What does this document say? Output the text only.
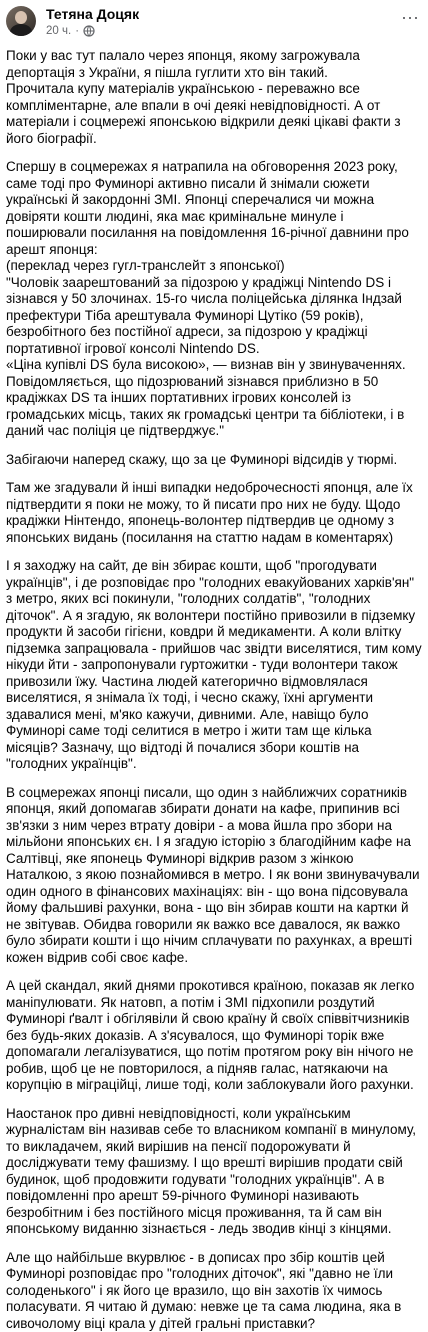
Тетяна Доцяк
20 ч. ·
⋯

Поки у вас тут палало через японця, якому загрожувала депортація з України, я пішла гуглити хто він такий.
Прочитала купу матеріалів українською - переважно все компліментарне, але впали в очі деякі невідповідності. А от матеріали і соцмережі японською відкрили деякі цікаві факти з його біографії.

Спершу в соцмережах я натрапила на обговорення 2023 року, саме тоді про Фуминорі активно писали й знімали сюжети українські й закордонні ЗМІ. Японці сперечалися чи можна довіряти кошти людині, яка має кримінальне минуле і поширювали посилання на повідомлення 16-річної давнини про арешт японця:
(переклад через гугл-транслейт з японської)
"Чоловік заарештований за підозрою у крадіжці Nintendo DS і зізнався у 50 злочинах. 15-го числа поліцейська ділянка Індзай префектури Тіба арештувала Фуминорі Цутіко (59 років), безробітного без постійної адреси, за підозрою у крадіжці портативної ігрової консолі Nintendo DS.
«Ціна купівлі DS була високою», — визнав він у звинуваченнях. Повідомляється, що підозрюваний зізнався приблизно в 50 крадіжках DS та інших портативних ігрових консолей із громадських місць, таких як громадські центри та бібліотеки, і в даний час поліція це підтверджує."

Забігаючи наперед скажу, що за це Фуминорі відсидів у тюрмі.

Там же згадували й інші випадки недоброчесності японця, але їх підтвердити я поки не можу, то й писати про них не буду. Щодо крадіжки Нінтендо, японець-волонтер підтвердив це одному з японських видань (посилання на статтю надам в коментарях)

І я заходжу на сайт, де він збирає кошти, щоб "прогодувати українців", і де розповідає про "голодних евакуйованих харків'ян" з метро, яких всі покинули, "голодних солдатів", "голодних діточок". А я згадую, як волонтери постійно привозили в підземку продукти й засоби гігієни, ковдри й медикаменти. А коли влітку підземка запрацювала - прийшов час звідти виселятися, тим кому нікуди йти - запропонували гуртожитки - туди волонтери також привозили їжу. Частина людей категорично відмовлялася виселятися, я знімала їх тоді, і чесно скажу, їхні аргументи здавалися мені, м'яко кажучи, дивними. Але, навіщо було Фуминорі саме тоді селитися в метро і жити там ще кілька місяців? Зазначу, що відтоді й почалися збори коштів на "голодних українців".

В соцмережах японці писали, що один з найближчих соратників японця, який допомагав збирати донати на кафе, припинив всі зв'язки з ним через втрату довіри - а мова йшла про збори на мільйони японських єн. І я згадую історію з благодійним кафе на Салтівці, яке японець Фуминорі відкрив разом з жінкою Наталкою, з якою познайомився в метро. І як вони звинувачували один одного в фінансових махінаціях: він - що вона підсовувала йому фальшиві рахунки, вона - що він збирав кошти на картки й не звітував. Обидва говорили як важко все давалося, як важко було збирати кошти і що нічим сплачувати по рахунках, а врешті кожен відрив собі своє кафе.

А цей скандал, який днями прокотився країною, показав як легко маніпулювати. Як натовп, а потім і ЗМІ підхопили роздутий Фуминорі ґвалт і обгілявіли й свою країну й своїх співвітчизників без будь-яких доказів. А з'ясувалося, що Фуминорі торік вже допомагали легалізуватися, що потім протягом року він нічого не робив, щоб це не повторилося, а підняв галас, натякаючи на корупцію в міграційці, лише тоді, коли заблокували його рахунки.

Наостанок про дивні невідповідності, коли українським журналістам він називав себе то власником компанії в минулому, то викладачем, який вирішив на пенсії подорожувати й досліджувати тему фашизму. І що врешті вирішив продати свій будинок, щоб продовжити годувати "голодних українців". А в повідомленні про арешт 59-річного Фуминорі називають безробітним і без постійного місця проживання, та й сам він японському виданню зізнається - ледь зводив кінці з кінцями.

Але що найбільше вкурвлює - в дописах про збір коштів цей Фуминорі розповідає про "голодних діточок", які "давно не їли солоденького" і як його це вразило, що він захотів їх чимось поласувати. Я читаю й думаю: невже це та сама людина, яка в сивочолому віці крала у дітей гральні приставки?
